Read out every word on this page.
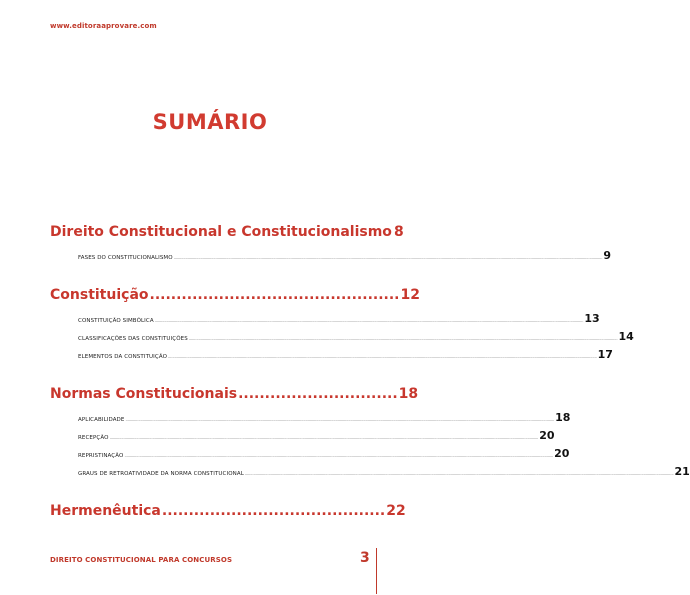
www.editoraaprovare.com
SUMÁRIO
Direito Constitucional e Constitucionalismo 8
FASES DO CONSTITUCIONALISMO ................................................................................................................................................................................................................................................................................................................................................................................................................ 9
Constituição ............................................... 12
CONSTITUIÇÃO SIMBÓLICA ................................................................................................................................................................................................................................................................................................................................................................................................................ 13
CLASSIFICAÇÕES DAS CONSTITUIÇÕES ................................................................................................................................................................................................................................................................................................................................................................................................................ 14
ELEMENTOS DA CONSTITUIÇÃO ................................................................................................................................................................................................................................................................................................................................................................................................................ 17
Normas Constitucionais .............................. 18
APLICABILIDADE ................................................................................................................................................................................................................................................................................................................................................................................................................ 18
RECEPÇÃO ................................................................................................................................................................................................................................................................................................................................................................................................................ 20
REPRISTINAÇÃO ................................................................................................................................................................................................................................................................................................................................................................................................................ 20
GRAUS DE RETROATIVIDADE DA NORMA CONSTITUCIONAL ................................................................................................................................................................................................................................................................................................................................................................................................................ 21
Hermenêutica .......................................... 22
DIREITO CONSTITUCIONAL PARA CONCURSOS	3
